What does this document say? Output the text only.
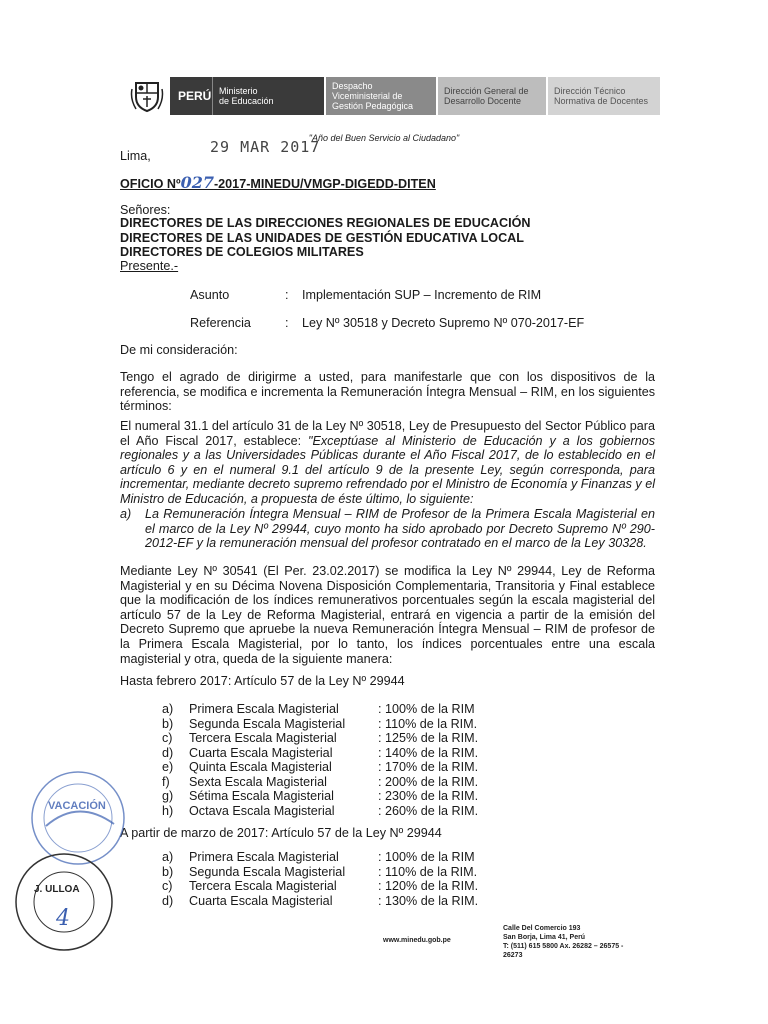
PERÚ Ministerio
de Educación
Despacho
Viceministerial de
Gestión Pedagógica
Dirección General de
Desarrollo Docente
Dirección Técnico
Normativa de Docentes
"Año del Buen Servicio al Ciudadano"
Lima,	29 MAR 2017
OFICIO Nº027-2017-MINEDU/VMGP-DIGEDD-DITEN
Señores:
DIRECTORES DE LAS DIRECCIONES REGIONALES DE EDUCACIÓN
DIRECTORES DE LAS UNIDADES DE GESTIÓN EDUCATIVA LOCAL
DIRECTORES DE COLEGIOS MILITARES
Presente.-
Asunto	: Implementación SUP – Incremento de RIM
Referencia	: Ley Nº 30518 y Decreto Supremo Nº 070-2017-EF
De mi consideración:
Tengo el agrado de dirigirme a usted, para manifestarle que con los dispositivos de la referencia, se modifica e incrementa la Remuneración Íntegra Mensual – RIM, en los siguientes términos:
El numeral 31.1 del artículo 31 de la Ley Nº 30518, Ley de Presupuesto del Sector Público para el Año Fiscal 2017, establece: "Exceptúase al Ministerio de Educación y a los gobiernos regionales y a las Universidades Públicas durante el Año Fiscal 2017, de lo establecido en el artículo 6 y en el numeral 9.1 del artículo 9 de la presente Ley, según corresponda, para incrementar, mediante decreto supremo refrendado por el Ministro de Economía y Finanzas y el Ministro de Educación, a propuesta de éste último, lo siguiente:
a) La Remuneración Íntegra Mensual – RIM de Profesor de la Primera Escala Magisterial en el marco de la Ley Nº 29944, cuyo monto ha sido aprobado por Decreto Supremo Nº 290-2012-EF y la remuneración mensual del profesor contratado en el marco de la Ley 30328.
Mediante Ley Nº 30541 (El Per. 23.02.2017) se modifica la Ley Nº 29944, Ley de Reforma Magisterial y en su Décima Novena Disposición Complementaria, Transitoria y Final establece que la modificación de los índices remunerativos porcentuales según la escala magisterial del artículo 57 de la Ley de Reforma Magisterial, entrará en vigencia a partir de la emisión del Decreto Supremo que apruebe la nueva Remuneración Íntegra Mensual – RIM de profesor de la Primera Escala Magisterial, por lo tanto, los índices porcentuales entre una escala magisterial y otra, queda de la siguiente manera:
Hasta febrero 2017: Artículo 57 de la Ley Nº 29944
a) Primera Escala Magisterial	: 100% de la RIM
b) Segunda Escala Magisterial	: 110% de la RIM.
c) Tercera Escala Magisterial	: 125% de la RIM.
d) Cuarta Escala Magisterial	: 140% de la RIM.
e) Quinta Escala Magisterial	: 170% de la RIM.
f) Sexta Escala Magisterial	: 200% de la RIM.
g) Sétima Escala Magisterial	: 230% de la RIM.
h) Octava Escala Magisterial	: 260% de la RIM.
A partir de marzo de 2017: Artículo 57 de la Ley Nº 29944
a) Primera Escala Magisterial	: 100% de la RIM
b) Segunda Escala Magisterial	: 110% de la RIM.
c) Tercera Escala Magisterial	: 120% de la RIM.
d) Cuarta Escala Magisterial	: 130% de la RIM.
VACACIÓN
J. ULLOA
4
www.minedu.gob.pe
Calle Del Comercio 193
San Borja, Lima 41, Perú
T: (511) 615 5800 Ax. 26282 – 26575 -
26273
